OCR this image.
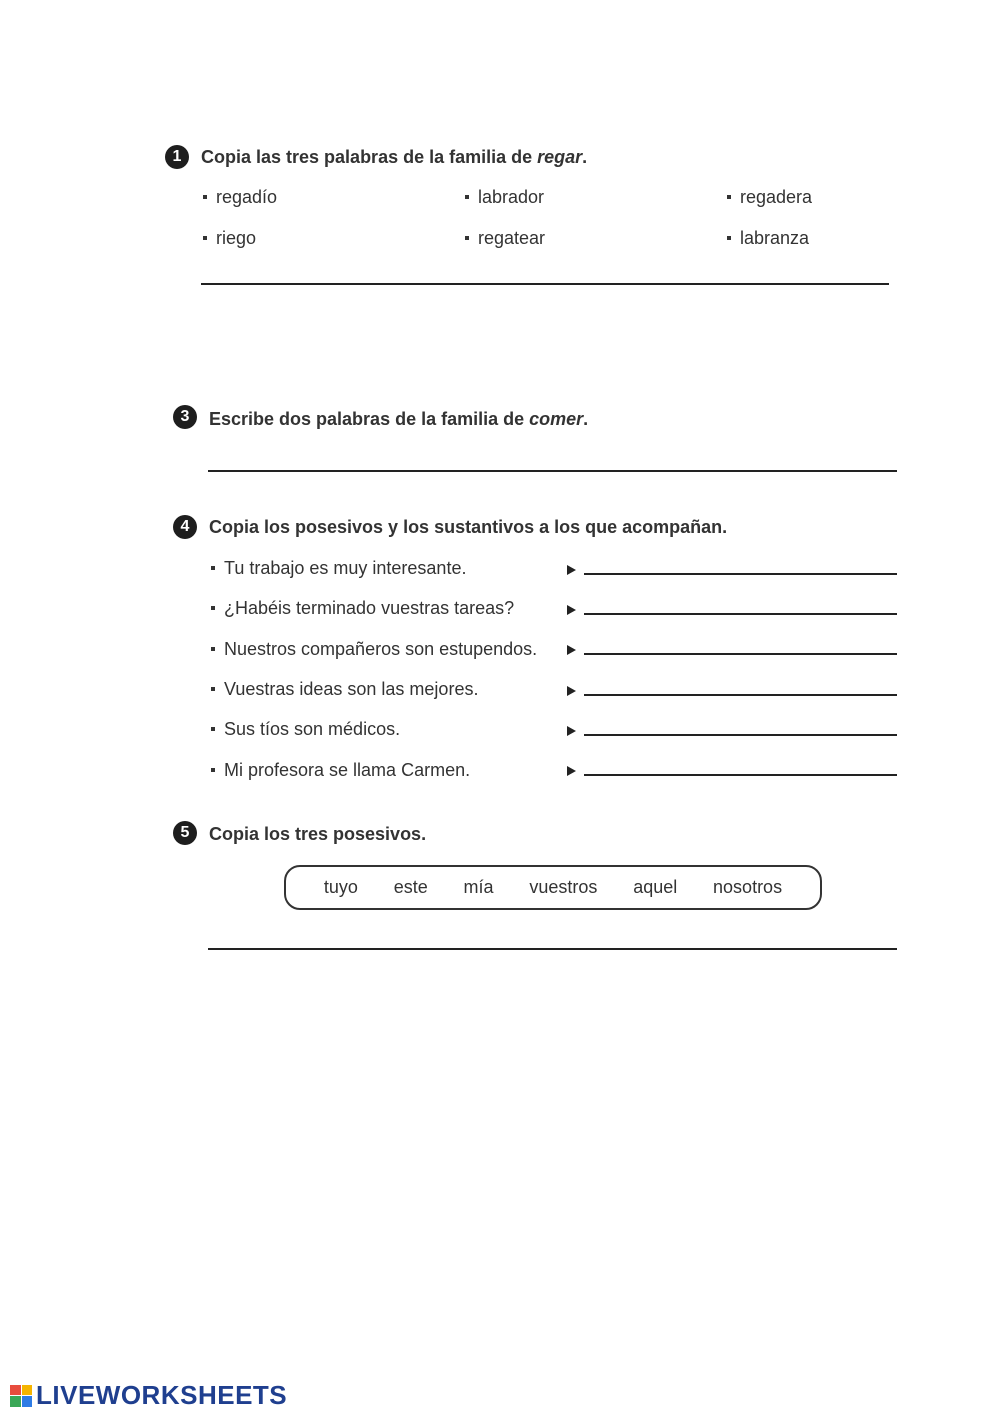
1 Copia las tres palabras de la familia de regar.
regadío	labrador	regadera
riego	regatear	labranza
3 Escribe dos palabras de la familia de comer.
4 Copia los posesivos y los sustantivos a los que acompañan.
Tu trabajo es muy interesante.
¿Habéis terminado vuestras tareas?
Nuestros compañeros son estupendos.
Vuestras ideas son las mejores.
Sus tíos son médicos.
Mi profesora se llama Carmen.
5 Copia los tres posesivos.
tuyo este mía vuestros aquel nosotros
LIVEWORKSHEETS
